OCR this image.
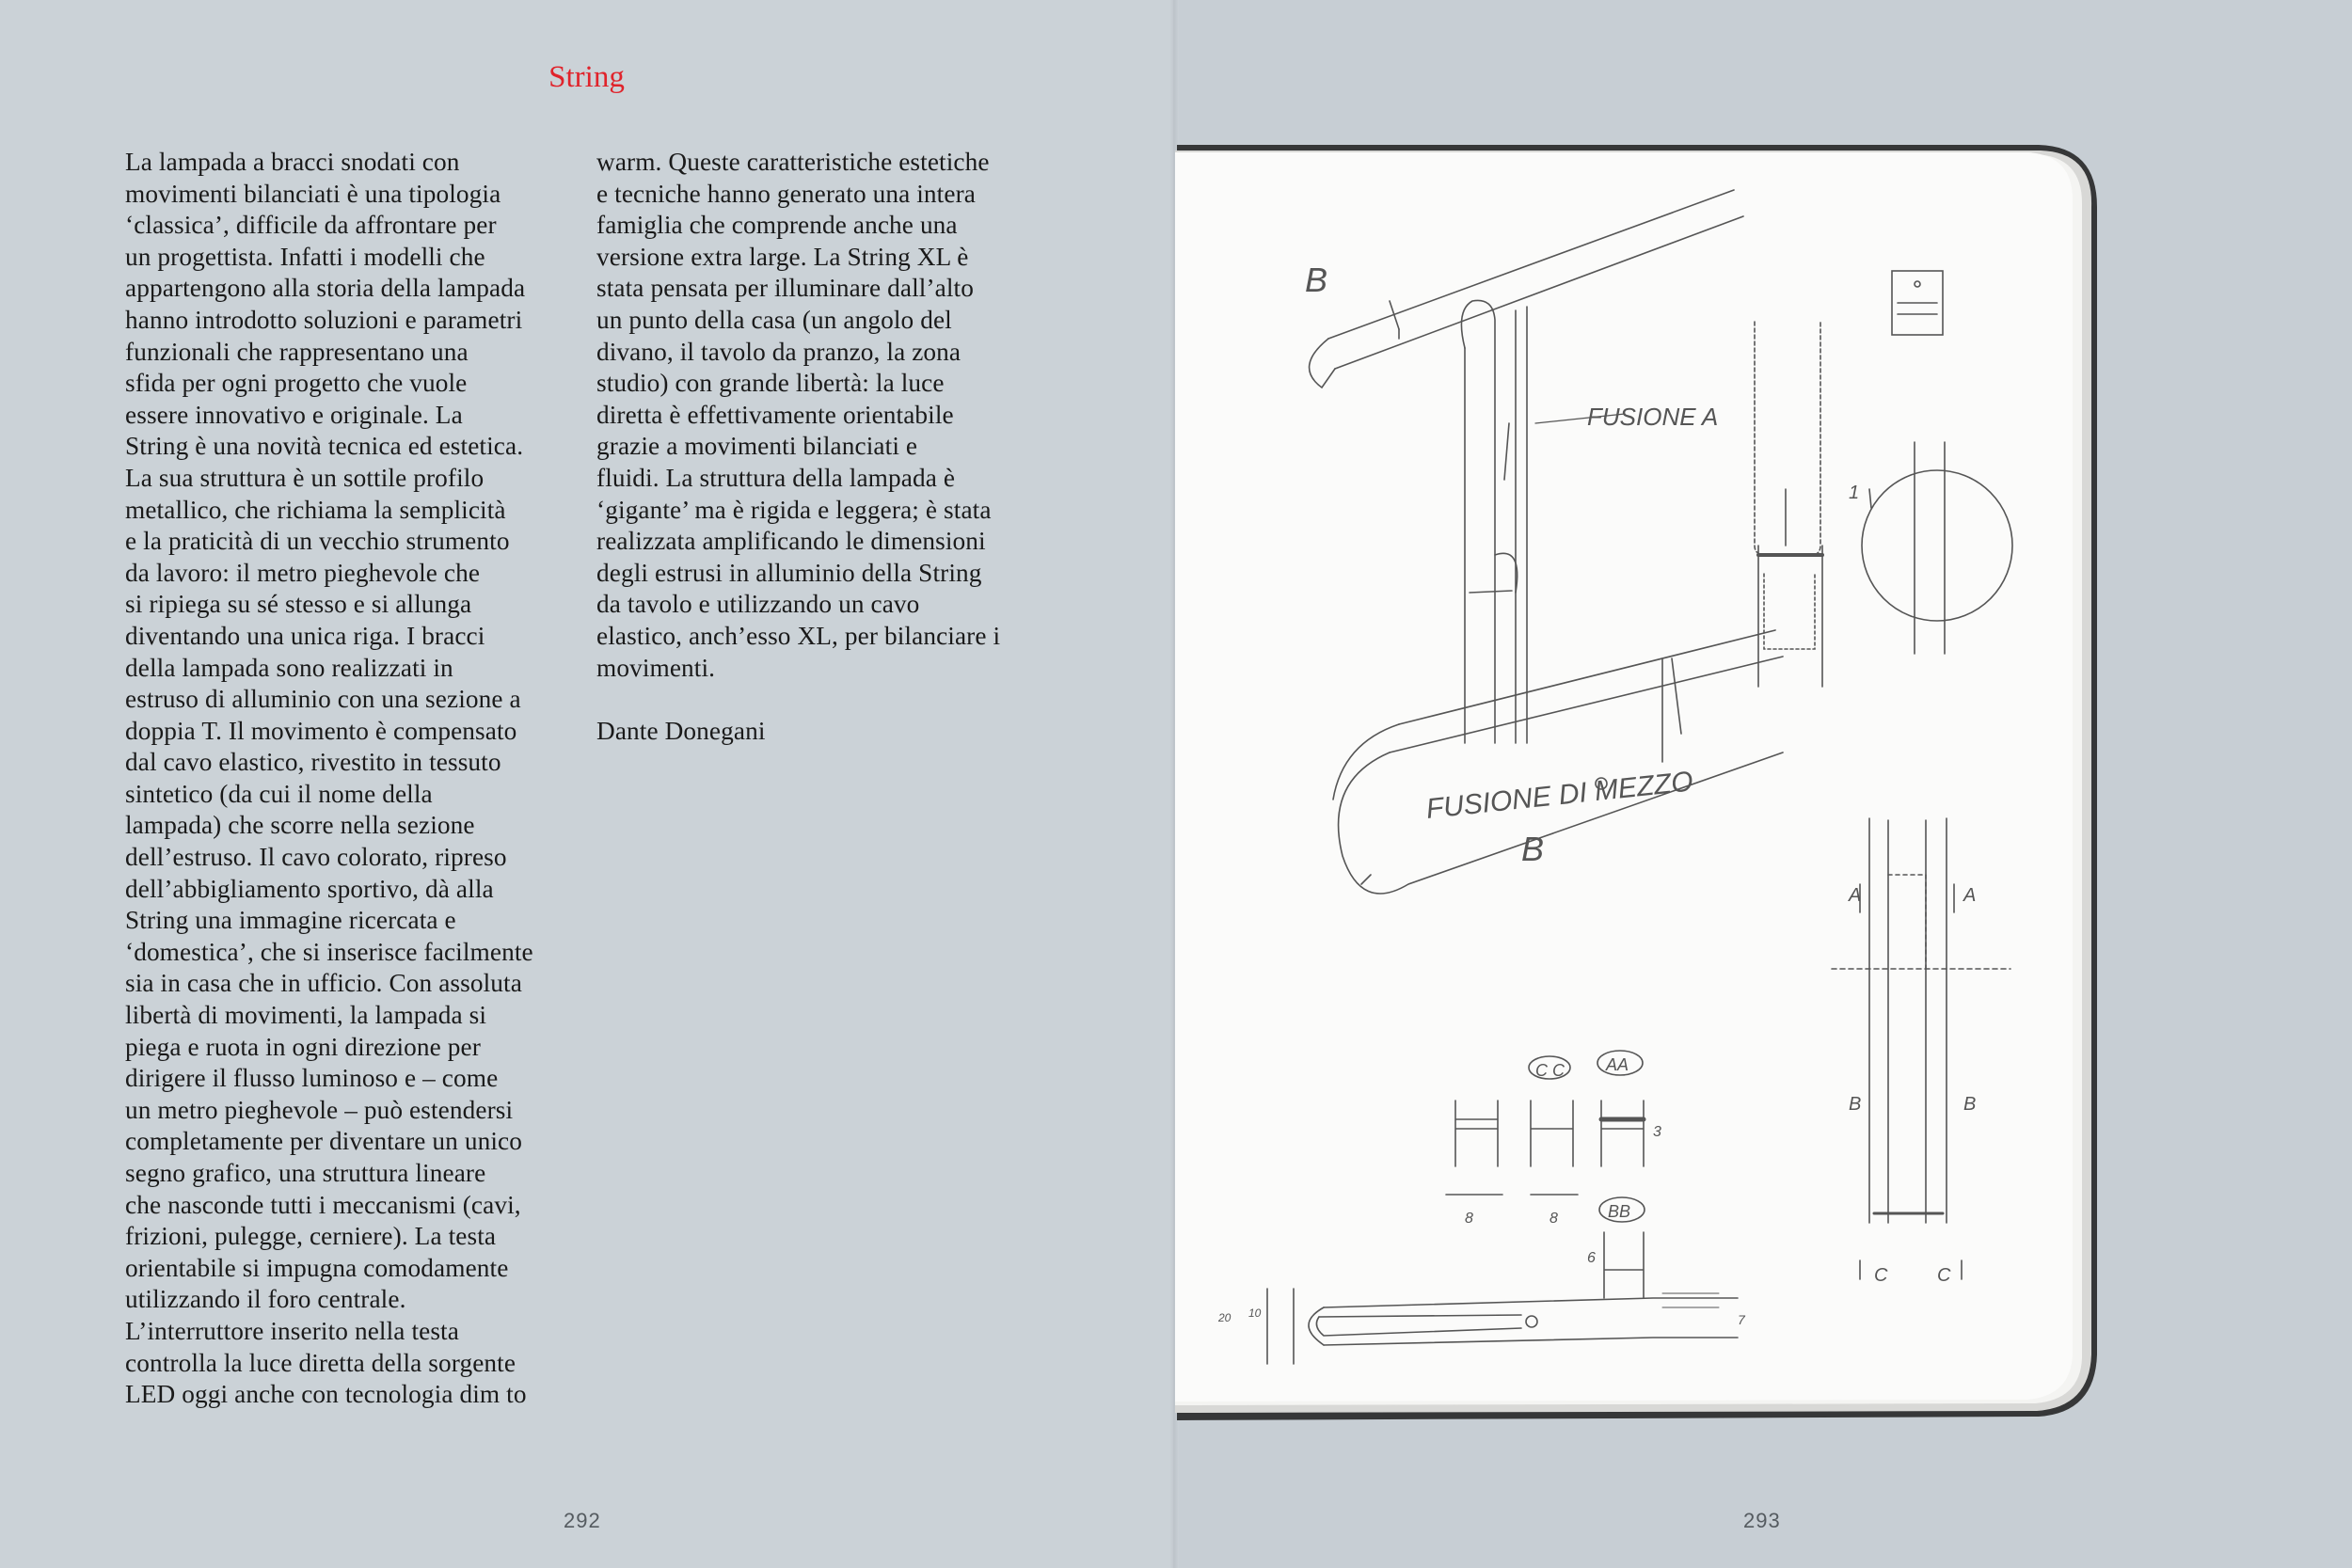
String
La lampada a bracci snodati con
movimenti bilanciati è una tipologia
‘classica’, difficile da affrontare per
un progettista. Infatti i modelli che
appartengono alla storia della lampada
hanno introdotto soluzioni e parametri
funzionali che rappresentano una
sfida per ogni progetto che vuole
essere innovativo e originale. La
String è una novità tecnica ed estetica.
La sua struttura è un sottile profilo
metallico, che richiama la semplicità
e la praticità di un vecchio strumento
da lavoro: il metro pieghevole che
si ripiega su sé stesso e si allunga
diventando una unica riga. I bracci
della lampada sono realizzati in
estruso di alluminio con una sezione a
doppia T. Il movimento è compensato
dal cavo elastico, rivestito in tessuto
sintetico (da cui il nome della
lampada) che scorre nella sezione
dell’estruso. Il cavo colorato, ripreso
dell’abbigliamento sportivo, dà alla
String una immagine ricercata e
‘domestica’, che si inserisce facilmente
sia in casa che in ufficio. Con assoluta
libertà di movimenti, la lampada si
piega e ruota in ogni direzione per
dirigere il flusso luminoso e – come
un metro pieghevole – può estendersi
completamente per diventare un unico
segno grafico, una struttura lineare
che nasconde tutti i meccanismi (cavi,
frizioni, pulegge, cerniere). La testa
orientabile si impugna comodamente
utilizzando il foro centrale.
L’interruttore inserito nella testa
controlla la luce diretta della sorgente
LED oggi anche con tecnologia dim to
warm. Queste caratteristiche estetiche
e tecniche hanno generato una intera
famiglia che comprende anche una
versione extra large. La String XL è
stata pensata per illuminare dall’alto
un punto della casa (un angolo del
divano, il tavolo da pranzo, la zona
studio) con grande libertà: la luce
diretta è effettivamente orientabile
grazie a movimenti bilanciati e
fluidi. La struttura della lampada è
‘gigante’ ma è rigida e leggera; è stata
realizzata amplificando le dimensioni
degli estrusi in alluminio della String
da tavolo e utilizzando un cavo
elastico, anch’esso XL, per bilanciare i
movimenti.
Dante Donegani
292	293
B
FUSIONE A
FUSIONE DI MEZZO
B
C C AA
BB
A	A
B	B
C	C
8	8
3
6
20 10	7
1
